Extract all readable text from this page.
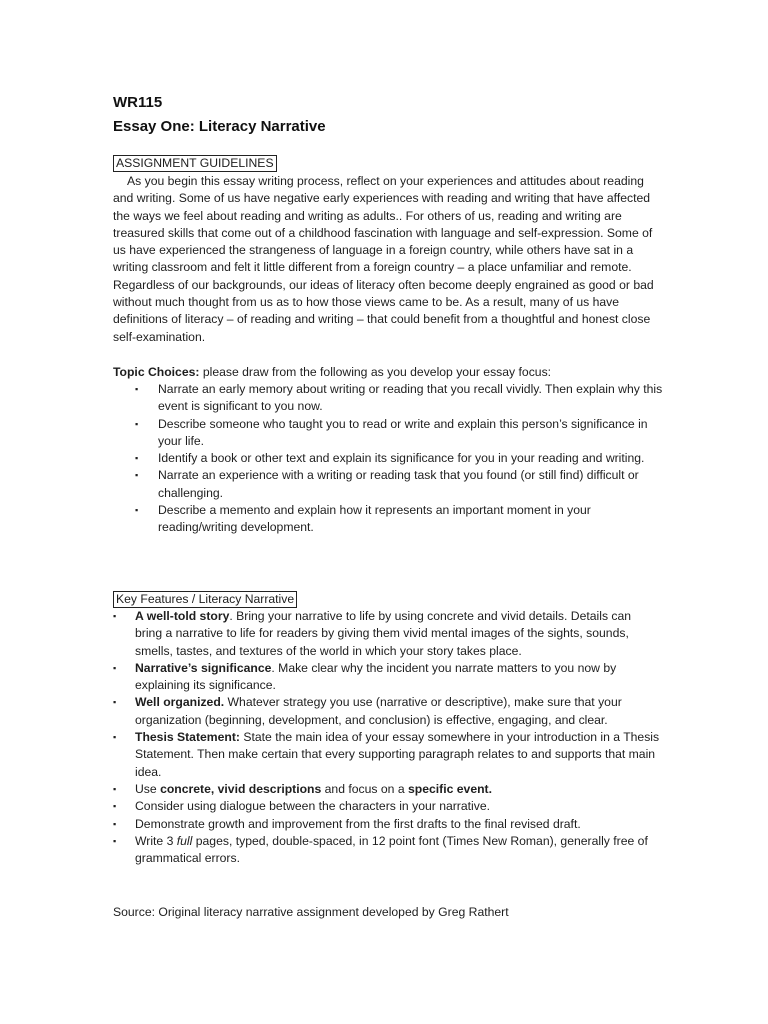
WR115
Essay One: Literacy Narrative
ASSIGNMENT GUIDELINES

As you begin this essay writing process, reflect on your experiences and attitudes about reading and writing. Some of us have negative early experiences with reading and writing that have affected the ways we feel about reading and writing as adults.. For others of us, reading and writing are treasured skills that come out of a childhood fascination with language and self-expression. Some of us have experienced the strangeness of language in a foreign country, while others have sat in a writing classroom and felt it little different from a foreign country – a place unfamiliar and remote. Regardless of our backgrounds, our ideas of literacy often become deeply engrained as good or bad without much thought from us as to how those views came to be. As a result, many of us have definitions of literacy – of reading and writing – that could benefit from a thoughtful and honest close self-examination.

Topic Choices: please draw from the following as you develop your essay focus:
▪ Narrate an early memory about writing or reading that you recall vividly. Then explain why this event is significant to you now.
▪ Describe someone who taught you to read or write and explain this person’s significance in your life.
▪ Identify a book or other text and explain its significance for you in your reading and writing.
▪ Narrate an experience with a writing or reading task that you found (or still find) difficult or challenging.
▪ Describe a memento and explain how it represents an important moment in your reading/writing development.
Key Features / Literacy Narrative
▪ A well-told story. Bring your narrative to life by using concrete and vivid details. Details can bring a narrative to life for readers by giving them vivid mental images of the sights, sounds, smells, tastes, and textures of the world in which your story takes place.
▪ Narrative’s significance. Make clear why the incident you narrate matters to you now by explaining its significance.
▪ Well organized. Whatever strategy you use (narrative or descriptive), make sure that your organization (beginning, development, and conclusion) is effective, engaging, and clear.
▪ Thesis Statement: State the main idea of your essay somewhere in your introduction in a Thesis Statement. Then make certain that every supporting paragraph relates to and supports that main idea.
▪ Use concrete, vivid descriptions and focus on a specific event.
▪ Consider using dialogue between the characters in your narrative.
▪ Demonstrate growth and improvement from the first drafts to the final revised draft.
▪ Write 3 full pages, typed, double-spaced, in 12 point font (Times New Roman), generally free of grammatical errors.
Source: Original literacy narrative assignment developed by Greg Rathert
